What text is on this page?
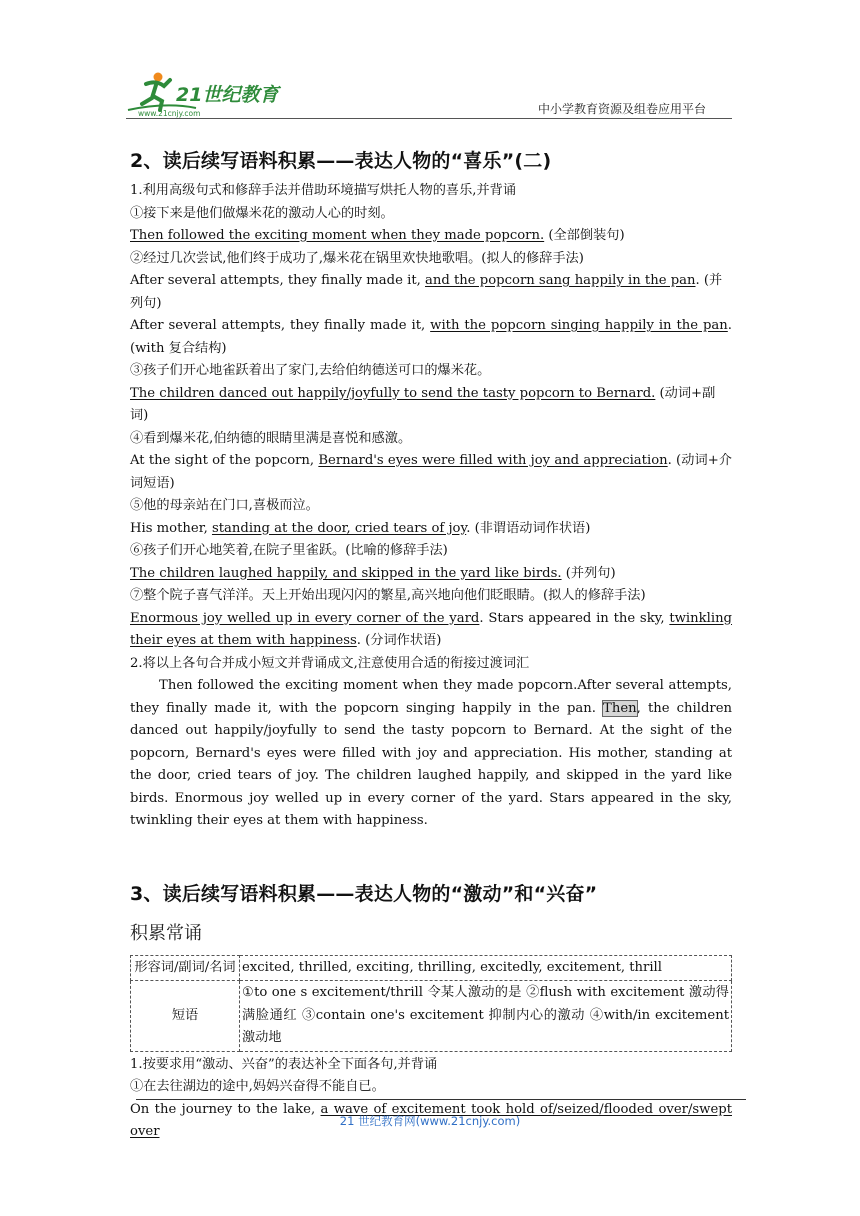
21世纪教育
www.21cnjy.com	中小学教育资源及组卷应用平台
2、读后续写语料积累——表达人物的“喜乐”(二)

1.利用高级句式和修辞手法并借助环境描写烘托人物的喜乐,并背诵

①接下来是他们做爆米花的激动人心的时刻。

Then followed the exciting moment when they made popcorn. (全部倒装句)

②经过几次尝试,他们终于成功了,爆米花在锅里欢快地歌唱。(拟人的修辞手法)

After several attempts, they finally made it, and the popcorn sang happily in the pan. (并列句)

After several attempts, they finally made it, with the popcorn singing happily in the pan. (with 复合结构)

③孩子们开心地雀跃着出了家门,去给伯纳德送可口的爆米花。

The children danced out happily/joyfully to send the tasty popcorn to Bernard. (动词+副词)

④看到爆米花,伯纳德的眼睛里满是喜悦和感激。

At the sight of the popcorn, Bernard's eyes were filled with joy and appreciation. (动词+介词短语)

⑤他的母亲站在门口,喜极而泣。

His mother, standing at the door, cried tears of joy. (非谓语动词作状语)

⑥孩子们开心地笑着,在院子里雀跃。(比喻的修辞手法)

The children laughed happily, and skipped in the yard like birds. (并列句)

⑦整个院子喜气洋洋。天上开始出现闪闪的繁星,高兴地向他们眨眼睛。(拟人的修辞手法)

Enormous joy welled up in every corner of the yard. Stars appeared in the sky, twinkling their eyes at them with happiness. (分词作状语)

2.将以上各句合并成小短文并背诵成文,注意使用合适的衔接过渡词汇

Then followed the exciting moment when they made popcorn.After several attempts, they finally made it, with the popcorn singing happily in the pan. Then, the children danced out happily/joyfully to send the tasty popcorn to Bernard. At the sight of the popcorn, Bernard's eyes were filled with joy and appreciation. His mother, standing at the door, cried tears of joy. The children laughed happily, and skipped in the yard like birds. Enormous joy welled up in every corner of the yard. Stars appeared in the sky, twinkling their eyes at them with happiness.

3、读后续写语料积累——表达人物的“激动”和“兴奋”

积累常诵

形容词/副词/名词	excited, thrilled, exciting, thrilling, excitedly, excitement, thrill
短语	①to one s excitement/thrill 令某人激动的是 ②flush with excitement 激动得满脸通红 ③contain one's excitement 抑制内心的激动 ④with/in excitement 激动地

1.按要求用“激动、兴奋”的表达补全下面各句,并背诵

①在去往湖边的途中,妈妈兴奋得不能自已。

On the journey to the lake, a wave of excitement took hold of/seized/flooded over/swept over

21 世纪教育网(www.21cnjy.com)
